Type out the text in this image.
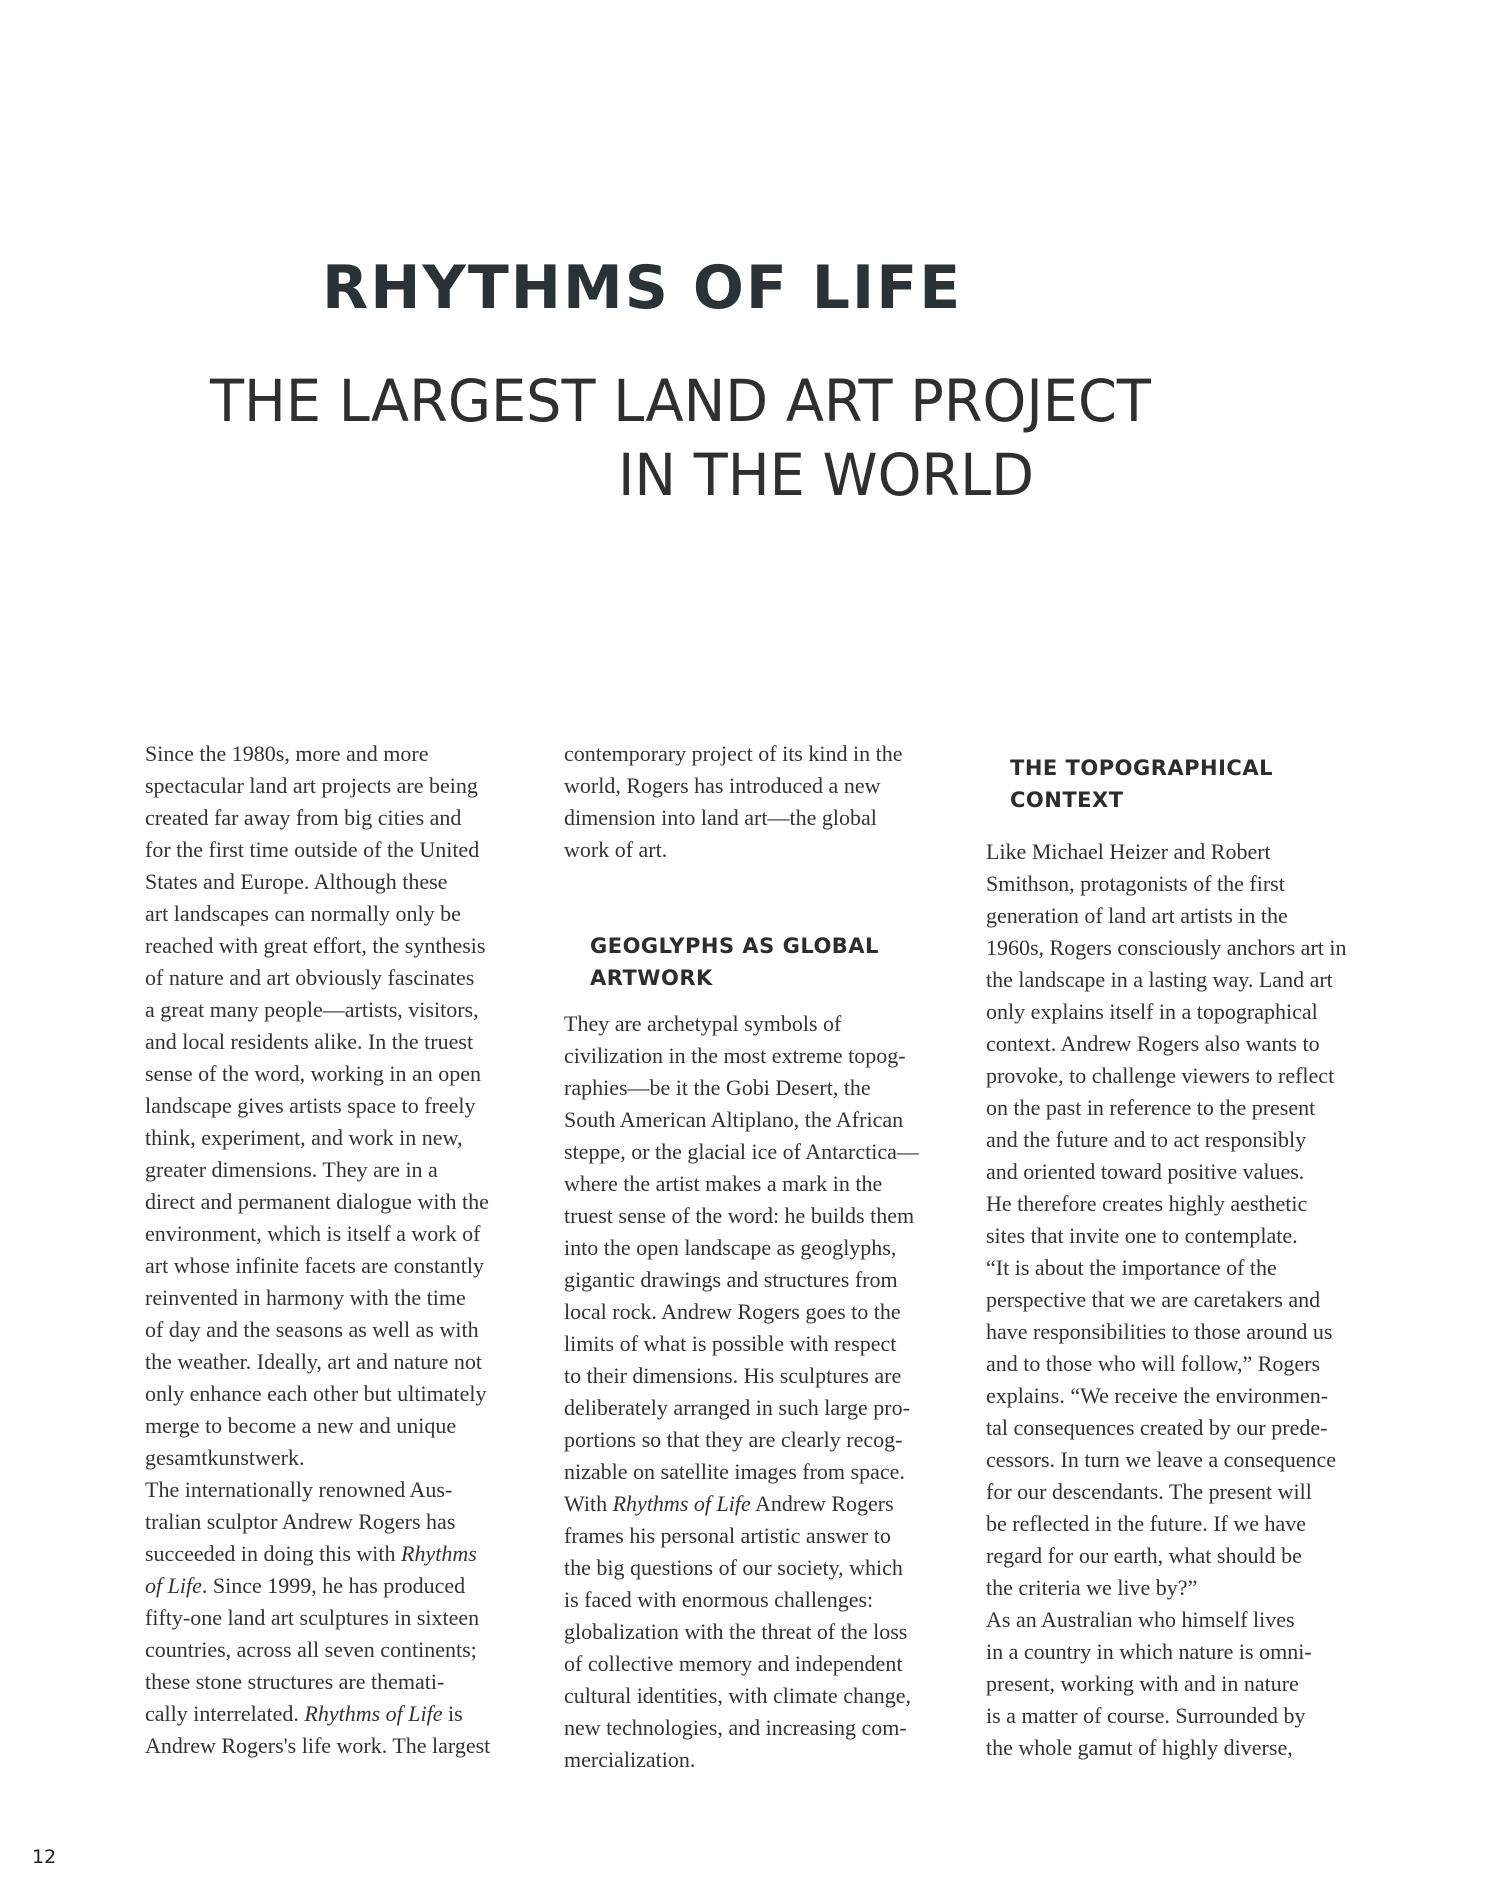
RHYTHMS OF LIFE
THE LARGEST LAND ART PROJECT
IN THE WORLD

Since the 1980s, more and more

spectacular land art projects are being

created far away from big cities and

for the first time outside of the United

States and Europe. Although these

art landscapes can normally only be

reached with great effort, the synthesis

of nature and art obviously fascinates

a great many people—artists, visitors,

and local residents alike. In the truest

sense of the word, working in an open

landscape gives artists space to freely

think, experiment, and work in new,

greater dimensions. They are in a

direct and permanent dialogue with the

environment, which is itself a work of

art whose infinite facets are constantly

reinvented in harmony with the time

of day and the seasons as well as with

the weather. Ideally, art and nature not

only enhance each other but ultimately

merge to become a new and unique

gesamtkunstwerk.

The internationally renowned Aus-

tralian sculptor Andrew Rogers has

succeeded in doing this with Rhythms

of Life. Since 1999, he has produced

fifty-one land art sculptures in sixteen

countries, across all seven continents;

these stone structures are themati-

cally interrelated. Rhythms of Life is

Andrew Rogers's life work. The largest

contemporary project of its kind in the

world, Rogers has introduced a new

dimension into land art—the global

work of art.

GEOGLYPHS AS GLOBAL
ARTWORK

They are archetypal symbols of

civilization in the most extreme topog-

raphies—be it the Gobi Desert, the

South American Altiplano, the African

steppe, or the glacial ice of Antarctica—

where the artist makes a mark in the

truest sense of the word: he builds them

into the open landscape as geoglyphs,

gigantic drawings and structures from

local rock. Andrew Rogers goes to the

limits of what is possible with respect

to their dimensions. His sculptures are

deliberately arranged in such large pro-

portions so that they are clearly recog-

nizable on satellite images from space.

With Rhythms of Life Andrew Rogers

frames his personal artistic answer to

the big questions of our society, which

is faced with enormous challenges:

globalization with the threat of the loss

of collective memory and independent

cultural identities, with climate change,

new technologies, and increasing com-

mercialization.

THE TOPOGRAPHICAL
CONTEXT

Like Michael Heizer and Robert

Smithson, protagonists of the first

generation of land art artists in the

1960s, Rogers consciously anchors art in

the landscape in a lasting way. Land art

only explains itself in a topographical

context. Andrew Rogers also wants to

provoke, to challenge viewers to reflect

on the past in reference to the present

and the future and to act responsibly

and oriented toward positive values.

He therefore creates highly aesthetic

sites that invite one to contemplate.

“It is about the importance of the

perspective that we are caretakers and

have responsibilities to those around us

and to those who will follow,” Rogers

explains. “We receive the environmen-

tal consequences created by our prede-

cessors. In turn we leave a consequence

for our descendants. The present will

be reflected in the future. If we have

regard for our earth, what should be

the criteria we live by?”

As an Australian who himself lives

in a country in which nature is omni-

present, working with and in nature

is a matter of course. Surrounded by

the whole gamut of highly diverse,

12
